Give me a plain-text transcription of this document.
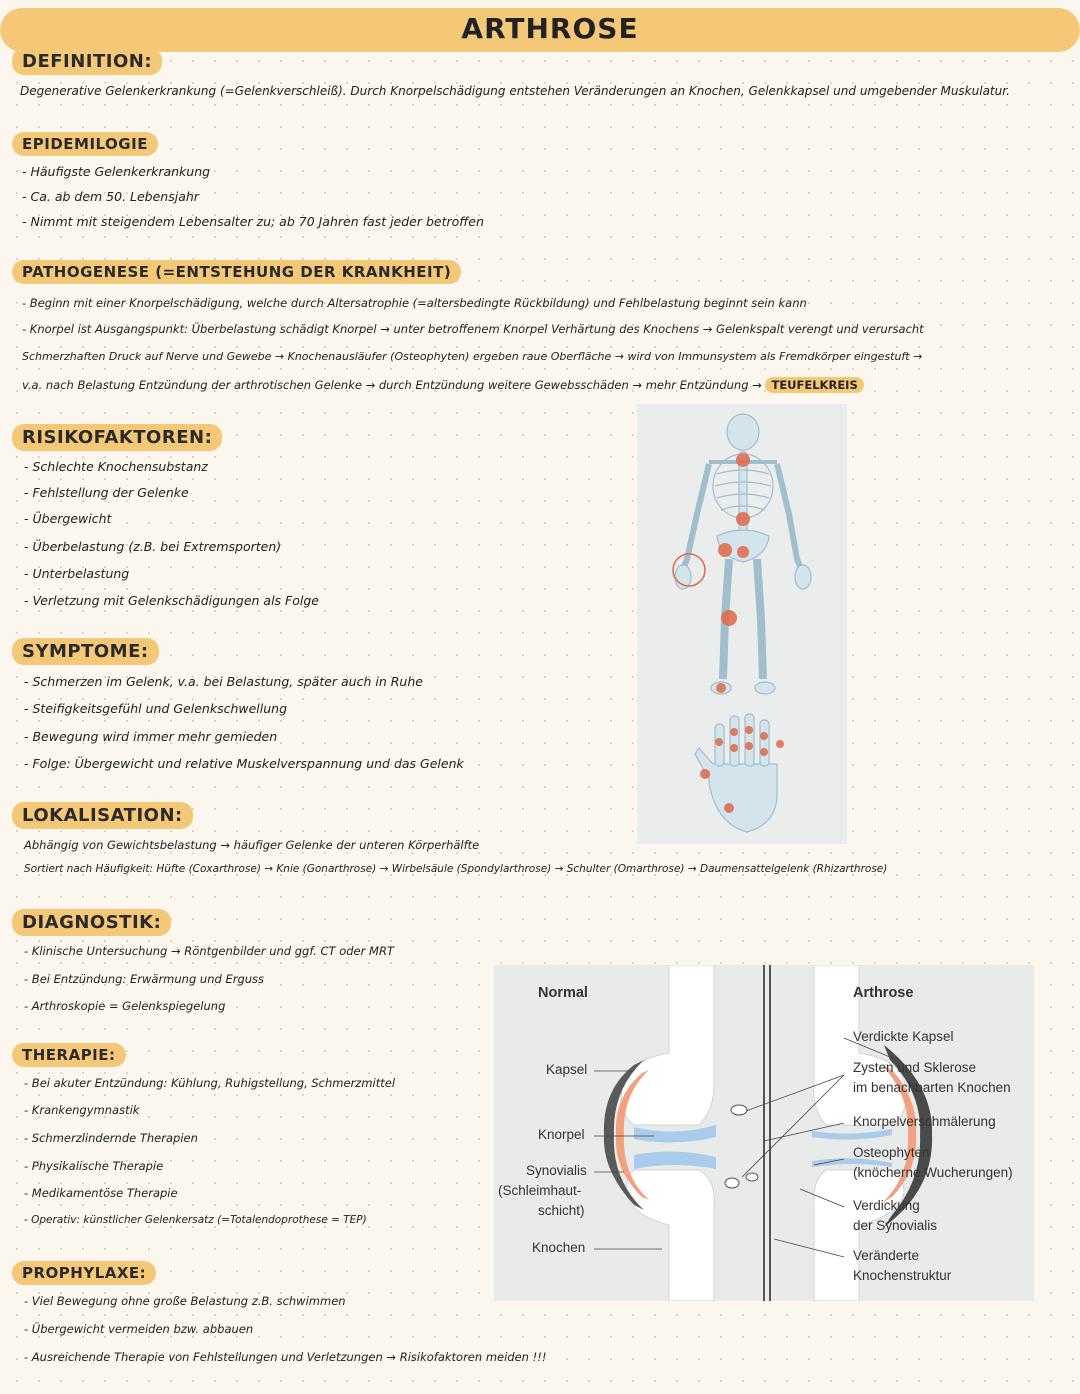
ARTHROSE
DEFINITION:
Degenerative Gelenkerkrankung (=Gelenkverschleiß). Durch Knorpelschädigung entstehen Veränderungen an Knochen, Gelenkkapsel und umgebender Muskulatur.
EPIDEMILOGIE
- Häufigste Gelenkerkrankung
- Ca. ab dem 50. Lebensjahr
- Nimmt mit steigendem Lebensalter zu; ab 70 Jahren fast jeder betroffen
PATHOGENESE (=ENTSTEHUNG DER KRANKHEIT)
- Beginn mit einer Knorpelschädigung, welche durch Altersatrophie (=altersbedingte Rückbildung) und Fehlbelastung beginnt sein kann
- Knorpel ist Ausgangspunkt: Überbelastung schädigt Knorpel → unter betroffenem Knorpel Verhärtung des Knochens → Gelenkspalt verengt und verursacht
Schmerzhaften Druck auf Nerve und Gewebe → Knochenausläufer (Osteophyten) ergeben raue Oberfläche → wird von Immunsystem als Fremdkörper eingestuft →
v.a. nach Belastung Entzündung der arthrotischen Gelenke → durch Entzündung weitere Gewebsschäden → mehr Entzündung → TEUFELKREIS
RISIKOFAKTOREN:
- Schlechte Knochensubstanz
- Fehlstellung der Gelenke
- Übergewicht
- Überbelastung (z.B. bei Extremsporten)
- Unterbelastung
- Verletzung mit Gelenkschädigungen als Folge
SYMPTOME:
- Schmerzen im Gelenk, v.a. bei Belastung, später auch in Ruhe
- Steifigkeitsgefühl und Gelenkschwellung
- Bewegung wird immer mehr gemieden
- Folge: Übergewicht und relative Muskelverspannung und das Gelenk
LOKALISATION:
Abhängig von Gewichtsbelastung → häufiger Gelenke der unteren Körperhälfte
Sortiert nach Häufigkeit: Hüfte (Coxarthrose) → Knie (Gonarthrose) → Wirbelsäule (Spondylarthrose) → Schulter (Omarthrose) → Daumensattelgelenk (Rhizarthrose)
DIAGNOSTIK:
- Klinische Untersuchung → Röntgenbilder und ggf. CT oder MRT
- Bei Entzündung: Erwärmung und Erguss
- Arthroskopie = Gelenkspiegelung
THERAPIE:
- Bei akuter Entzündung: Kühlung, Ruhigstellung, Schmerzmittel
- Krankengymnastik
- Schmerzlindernde Therapien
- Physikalische Therapie
- Medikamentöse Therapie
- Operativ: künstlicher Gelenkersatz (=Totalendoprothese = TEP)
PROPHYLAXE:
- Viel Bewegung ohne große Belastung z.B. schwimmen
- Übergewicht vermeiden bzw. abbauen
- Ausreichende Therapie von Fehlstellungen und Verletzungen → Risikofaktoren meiden !!!
Normal	Arthrose
Kapsel
Knorpel
Synovialis
(Schleimhaut-
schicht)
Knochen
Verdickte Kapsel
Zysten und Sklerose
im benachbarten Knochen
Knorpelverschmälerung
Osteophyten
(knöcherne Wucherungen)
Verdickung
der Synovialis
Veränderte
Knochenstruktur
